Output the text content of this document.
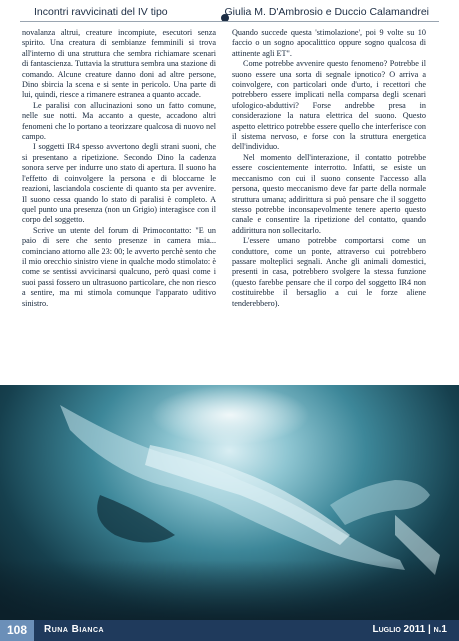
Incontri ravvicinati del IV tipo	Giulia M. D'Ambrosio e Duccio Calamandrei

novalanza altrui, creature incompiute, esecutori senza spirito. Una creatura di sembianze femminili si trova all'interno di una struttura che sembra richiamare scenari di fantascienza. Tuttavia la struttura sembra una stazione di comando. Alcune creature danno doni ad altre persone, Dino sbircia la scena e si sente in pericolo. Una parte di lui, quindi, riesce a rimanere estranea a quanto accade.

Le paralisi con allucinazioni sono un fatto comune, nelle sue notti. Ma accanto a queste, accadono altri fenomeni che lo portano a teorizzare qualcosa di nuovo nel campo.

I soggetti IR4 spesso avvertono degli strani suoni, che si presentano a ripetizione. Secondo Dino la cadenza sonora serve per indurre uno stato di apertura. Il suono ha l'effetto di coinvolgere la persona e di bloccarne le reazioni, lasciandola cosciente di quanto sta per avvenire. Il suono cessa quando lo stato di paralisi è completo. A quel punto una presenza (non un Grigio) interagisce con il corpo del soggetto.

Scrive un utente del forum di Primocontatto: "E un paio di sere che sento presenze in camera mia... cominciano attorno alle 23: 00; le avverto perchè sento che il mio orecchio sinistro viene in qualche modo stimolato: è come se sentissi avvicinarsi qualcuno, però quasi come i suoi passi fossero un ultrasuono particolare, che non riesco a sentire, ma mi stimola comunque l'apparato uditivo sinistro.

Quando succede questa 'stimolazione', poi 9 volte su 10 faccio o un sogno apocalittico oppure sogno qualcosa di attinente agli ET".

Come potrebbe avvenire questo fenomeno? Potrebbe il suono essere una sorta di segnale ipnotico? O arriva a coinvolgere, con particolari onde d'urto, i recettori che potrebbero essere implicati nella comparsa degli scenari ufologico-abduttivi? Forse andrebbe presa in considerazione la natura elettrica del suono. Questo aspetto elettrico potrebbe essere quello che interferisce con il sistema nervoso, e forse con la struttura energetica dell'individuo.

Nel momento dell'interazione, il contatto potrebbe essere coscientemente interrotto. Infatti, se esiste un meccanismo con cui il suono consente l'accesso alla persona, questo meccanismo deve far parte della normale struttura umana; addirittura si può pensare che il soggetto stesso potrebbe inconsapevolmente tenere aperto questo canale e consentire la ripetizione del contatto, quando addirittura non sollecitarlo.

L'essere umano potrebbe comportarsi come un conduttore, come un ponte, attraverso cui potrebbero passare molteplici segnali. Anche gli animali domestici, presenti in casa, potrebbero svolgere la stessa funzione (questo farebbe pensare che il corpo del soggetto IR4 non costituirebbe il bersaglio a cui le forze aliene tenderebbero).

108	Runa Bianca	Luglio 2011 | n.1
